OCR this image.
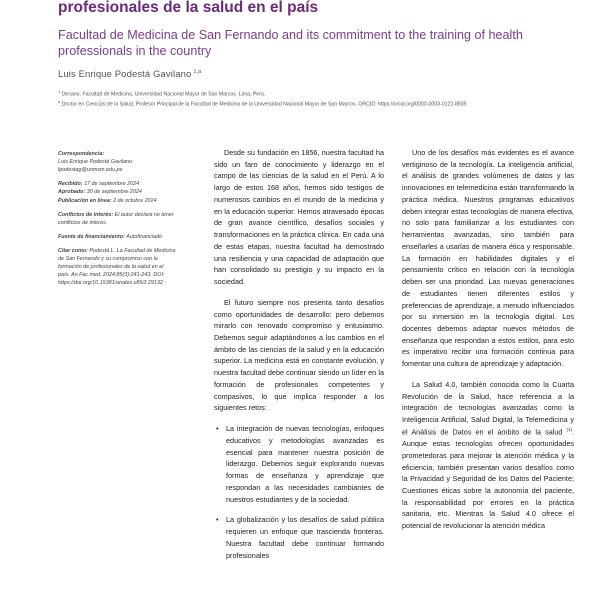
profesionales de la salud en el país
Facultad de Medicina de San Fernando and its commitment to the training of health professionals in the country
Luis Enrique Podestá Gavilano $^{1,a}$
$^1$ Decano, Facultad de Medicina, Universidad Nacional Mayor de San Marcos. Lima, Perú.
$^a$ Doctor en Ciencias de la Salud, Profesor Principal de la Facultad de Medicina de la Universidad Nacional Mayor de San Marcos. ORCID: https://orcid.org/0000-0003-0122-8835
Correspondencia:
Luis Enrique Podestá Gavilano
lpodestag@unmsm.edu.pe
Recibido: 17 de septiembre 2024
Aprobado: 30 de septiembre 2024
Publicación en línea: 2 de octubre 2024
Conflictos de interés: El autor declara no tener conflictos de interés.
Fuente de financiamiento: Autofinanciado
Citar como: Podestá L. La Facultad de Medicina de San Fernando y su compromiso con la formación de profesionales de la salud en el país. An Fac med. 2024;85(3):241-243. DOI: https://doi.org/10.15381/anales.v85i3.29132

Desde su fundación en 1856, nuestra facultad ha sido un faro de conocimiento y liderazgo en el campo de las ciencias de la salud en el Perú. A lo largo de estos 168 años, hemos sido testigos de numerosos cambios en el mundo de la medicina y en la educación superior. Hemos atravesado épocas de gran avance científico, desafíos sociales y transformaciones en la práctica clínica. En cada una de estas etapas, nuestra facultad ha demostrado una resiliencia y una capacidad de adaptación que han consolidado su prestigio y su impacto en la sociedad.

El futuro siempre nos presenta tanto desafíos como oportunidades de desarrollo: pero debemos mirarlo con renovado compromiso y entusiasmo. Debemos seguir adaptándonos a los cambios en el ámbito de las ciencias de la salud y en la educación superior. La medicina está en constante evolución, y nuestra facultad debe continuar siendo un líder en la formación de profesionales competentes y compasivos, lo que implica responder a los siguientes retos:

•	La integración de nuevas tecnologías, enfoques educativos y metodologías avanzadas es esencial para mantener nuestra posición de liderazgo. Debemos seguir explorando nuevas formas de enseñanza y aprendizaje que respondan a las necesidades cambiantes de nuestros estudiantes y de la sociedad.
•	La globalización y los desafíos de salud pública requieren un enfoque que trascienda fronteras. Nuestra facultad debe continuar formando profesionales

Uno de los desafíos más evidentes es el avance vertiginoso de la tecnología. La inteligencia artificial, el análisis de grandes volúmenes de datos y las innovaciones en telemedicina están transformando la práctica médica. Nuestros programas educativos deben integrar estas tecnologías de manera efectiva, no solo para familiarizar a los estudiantes con herramientas avanzadas, sino también para enseñarles a usarlas de manera ética y responsable. La formación en habilidades digitales y el pensamiento crítico en relación con la tecnología deben ser una prioridad. Las nuevas generaciones de estudiantes tienen diferentes estilos y preferencias de aprendizaje, a menudo influenciados por su inmersión en la tecnología digital. Los docentes debemos adaptar nuevos métodos de enseñanza que respondan a estos estilos, para esto es imperativo recibir una formación continua para fomentar una cultura de aprendizaje y adaptación.

La Salud 4.0, también conocida como la Cuarta Revolución de la Salud, hace referencia a la integración de tecnologías avanzadas como la Inteligencia Artificial, Salud Digital, la Telemedicina y el Análisis de Datos en el ámbito de la salud $^{(1)}$. Aunque estas tecnologías ofrecen oportunidades prometedoras para mejorar la atención médica y la eficiencia, también presentan varios desafíos como la Privacidad y Seguridad de los Datos del Paciente; Cuestiones éticas sobre la autonomía del paciente, la responsabilidad por errores en la práctica sanitaria, etc. Mientras la Salud 4.0 ofrece el potencial de revolucionar la atención médica
